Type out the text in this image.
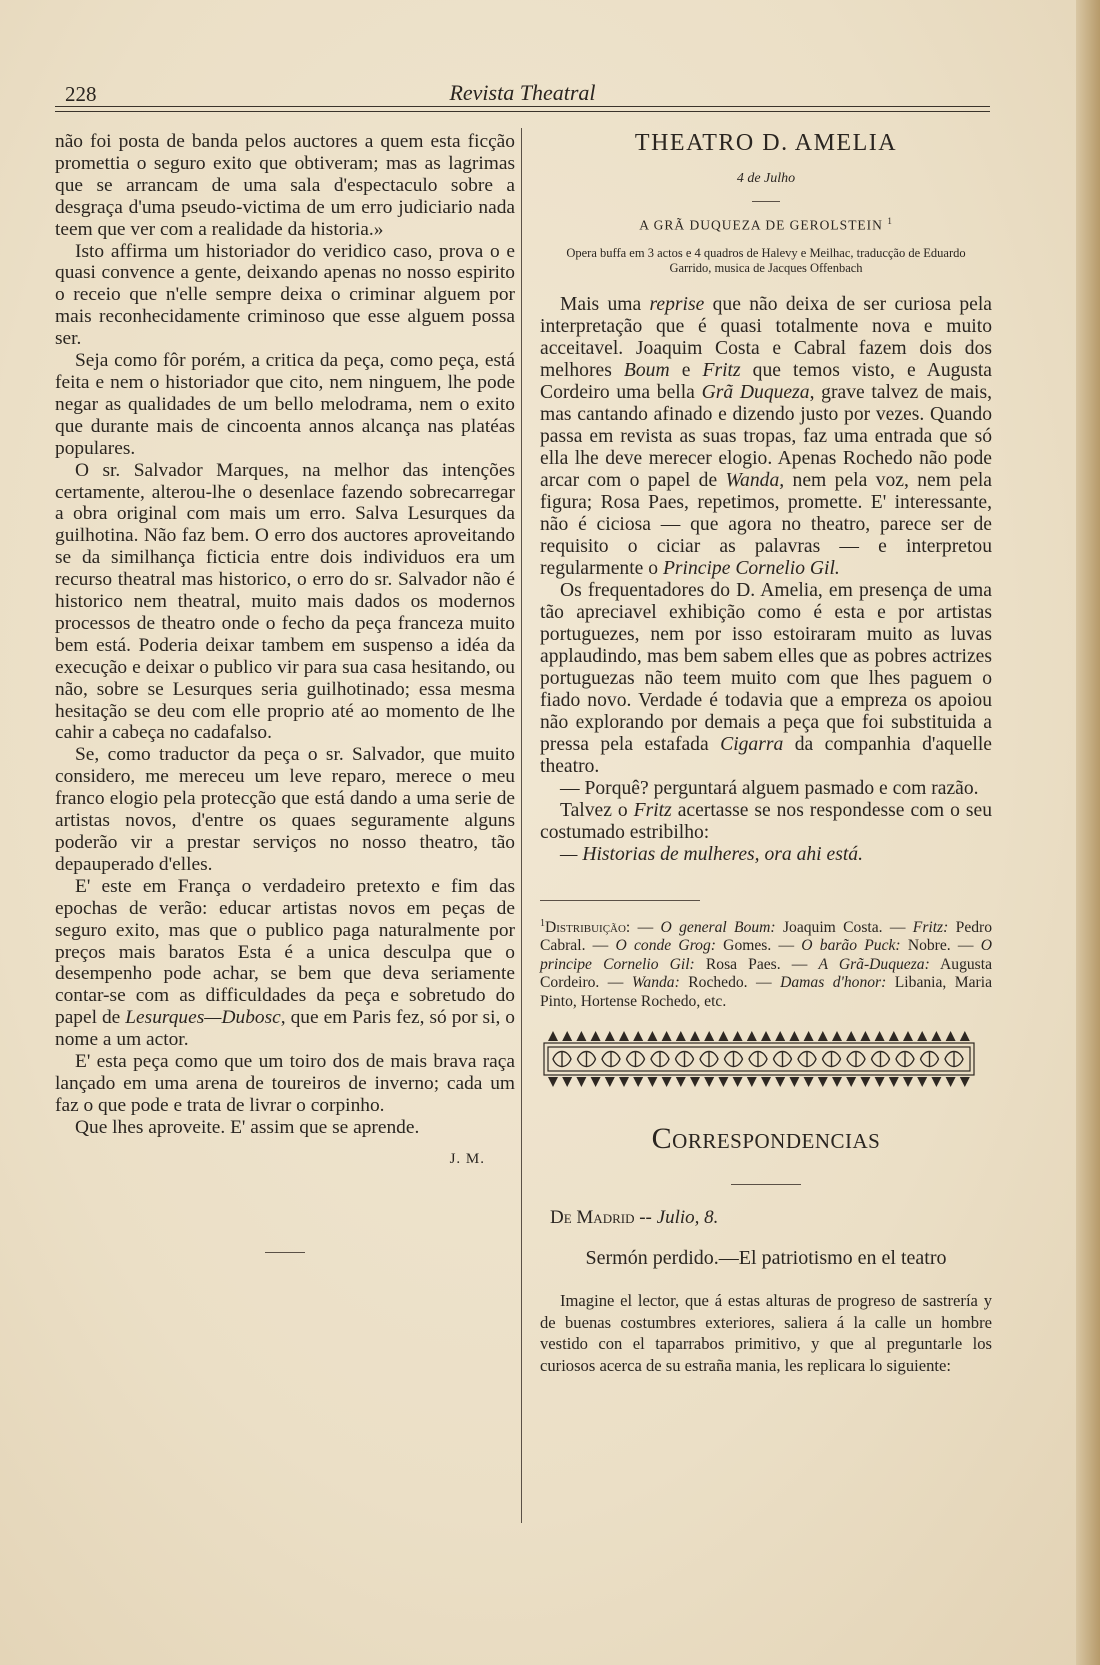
228	Revista Theatral

não foi posta de banda pelos auctores a quem esta ficção promettia o seguro exito que obtiveram; mas as lagrimas que se arrancam de uma sala d'espectaculo sobre a desgraça d'uma pseudo-victima de um erro judiciario nada teem que ver com a realidade da historia.»

Isto affirma um historiador do veridico caso, prova o e quasi convence a gente, deixando apenas no nosso espirito o receio que n'elle sempre deixa o criminar alguem por mais reconhecidamente criminoso que esse alguem possa ser.

Seja como fôr porém, a critica da peça, como peça, está feita e nem o historiador que cito, nem ninguem, lhe pode negar as qualidades de um bello melodrama, nem o exito que durante mais de cincoenta annos alcança nas platéas populares.

O sr. Salvador Marques, na melhor das intenções certamente, alterou-lhe o desenlace fazendo sobrecarregar a obra original com mais um erro. Salva Lesurques da guilhotina. Não faz bem. O erro dos auctores aproveitando se da similhança ficticia entre dois individuos era um recurso theatral mas historico, o erro do sr. Salvador não é historico nem theatral, muito mais dados os modernos processos de theatro onde o fecho da peça franceza muito bem está. Poderia deixar tambem em suspenso a idéa da execução e deixar o publico vir para sua casa hesitando, ou não, sobre se Lesurques seria guilhotinado; essa mesma hesitação se deu com elle proprio até ao momento de lhe cahir a cabeça no cadafalso.

Se, como traductor da peça o sr. Salvador, que muito considero, me mereceu um leve reparo, merece o meu franco elogio pela protecção que está dando a uma serie de artistas novos, d'entre os quaes seguramente alguns poderão vir a prestar serviços no nosso theatro, tão depauperado d'elles.

E' este em França o verdadeiro pretexto e fim das epochas de verão: educar artistas novos em peças de seguro exito, mas que o publico paga naturalmente por preços mais baratos Esta é a unica desculpa que o desempenho pode achar, se bem que deva seriamente contar-se com as difficuldades da peça e sobretudo do papel de Lesurques—Dubosc, que em Paris fez, só por si, o nome a um actor.

E' esta peça como que um toiro dos de mais brava raça lançado em uma arena de toureiros de inverno; cada um faz o que pode e trata de livrar o corpinho.

Que lhes aproveite. E' assim que se aprende.

J. M.
THEATRO D. AMELIA
4 de Julho
A GRÃ DUQUEZA DE GEROLSTEIN $^1$
Opera buffa em 3 actos e 4 quadros de Halevy e Meilhac, traducção de Eduardo Garrido, musica de Jacques Offenbach

Mais uma reprise que não deixa de ser curiosa pela interpretação que é quasi totalmente nova e muito acceitavel. Joaquim Costa e Cabral fazem dois dos melhores Boum e Fritz que temos visto, e Augusta Cordeiro uma bella Grã Duqueza, grave talvez de mais, mas cantando afinado e dizendo justo por vezes. Quando passa em revista as suas tropas, faz uma entrada que só ella lhe deve merecer elogio. Apenas Rochedo não pode arcar com o papel de Wanda, nem pela voz, nem pela figura; Rosa Paes, repetimos, promette. E' interessante, não é ciciosa — que agora no theatro, parece ser de requisito o ciciar as palavras — e interpretou regularmente o Principe Cornelio Gil.

Os frequentadores do D. Amelia, em presença de uma tão apreciavel exhibição como é esta e por artistas portuguezes, nem por isso estoiraram muito as luvas applaudindo, mas bem sabem elles que as pobres actrizes portuguezas não teem muito com que lhes paguem o fiado novo. Verdade é todavia que a empreza os apoiou não explorando por demais a peça que foi substituida a pressa pela estafada Cigarra da companhia d'aquelle theatro.

— Porquê? perguntará alguem pasmado e com razão.

Talvez o Fritz acertasse se nos respondesse com o seu costumado estribilho:

— Historias de mulheres, ora ahi está.

$^1$Distribuição: — O general Boum: Joaquim Costa. — Fritz: Pedro Cabral. — O conde Grog: Gomes. — O barão Puck: Nobre. — O principe Cornelio Gil: Rosa Paes. — A Grã-Duqueza: Augusta Cordeiro. — Wanda: Rochedo. — Damas d'honor: Libania, Maria Pinto, Hortense Rochedo, etc.
Correspondencias
De Madrid -- Julio, 8.
Sermón perdido.—El patriotismo en el teatro

Imagine el lector, que á estas alturas de progreso de sastrería y de buenas costumbres exteriores, saliera á la calle un hombre vestido con el taparrabos primitivo, y que al preguntarle los curiosos acerca de su estraña mania, les replicara lo siguiente:
